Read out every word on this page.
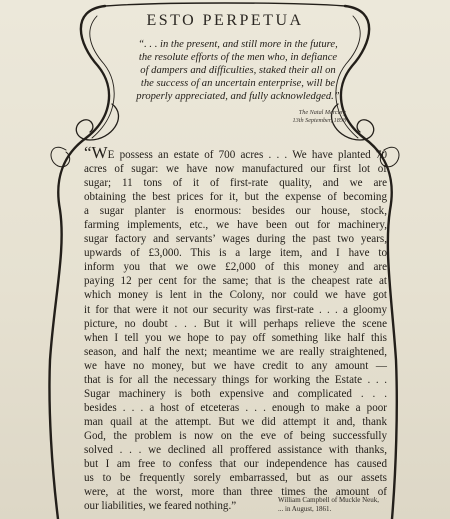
ESTO PERPETUA
“. . . in the present, and still more in the future,
the resolute efforts of the men who, in defiance
of dampers and difficulties, staked their all on
the success of an uncertain enterprise, will be
properly appreciated, and fully acknowledged.”
The Natal Mercury
13th September, 1858
“WE possess an estate of 700 acres . . . We have planted 70
acres of sugar: we have now manufactured our first lot of
sugar; 11 tons of it of first-rate quality, and we are
obtaining the best prices for it, but the expense of becoming
a sugar planter is enormous: besides our house, stock,
farming implements, etc., we have been out for machinery,
sugar factory and servants’ wages during the past two years,
upwards of £3,000. This is a large item, and I have to
inform you that we owe £2,000 of this money and are
paying 12 per cent for the same; that is the cheapest rate at
which money is lent in the Colony, nor could we have got
it for that were it not our security was first-rate . . . a gloomy
picture, no doubt . . . But it will perhaps relieve the scene
when I tell you we hope to pay off something like half this
season, and half the next; meantime we are really straightened,
we have no money, but we have credit to any amount —
that is for all the necessary things for working the Estate . . .
Sugar machinery is both expensive and complicated . . .
besides . . . a host of etceteras . . . enough to make a poor
man quail at the attempt. But we did attempt it and, thank
God, the problem is now on the eve of being successfully
solved . . . we declined all proffered assistance with thanks,
but I am free to confess that our independence has caused
us to be frequently sorely embarrassed, but as our assets
were, at the worst, more than three times the amount of
our liabilities, we feared nothing.”
William Campbell of Muckle Neuk,
... in August, 1861.
